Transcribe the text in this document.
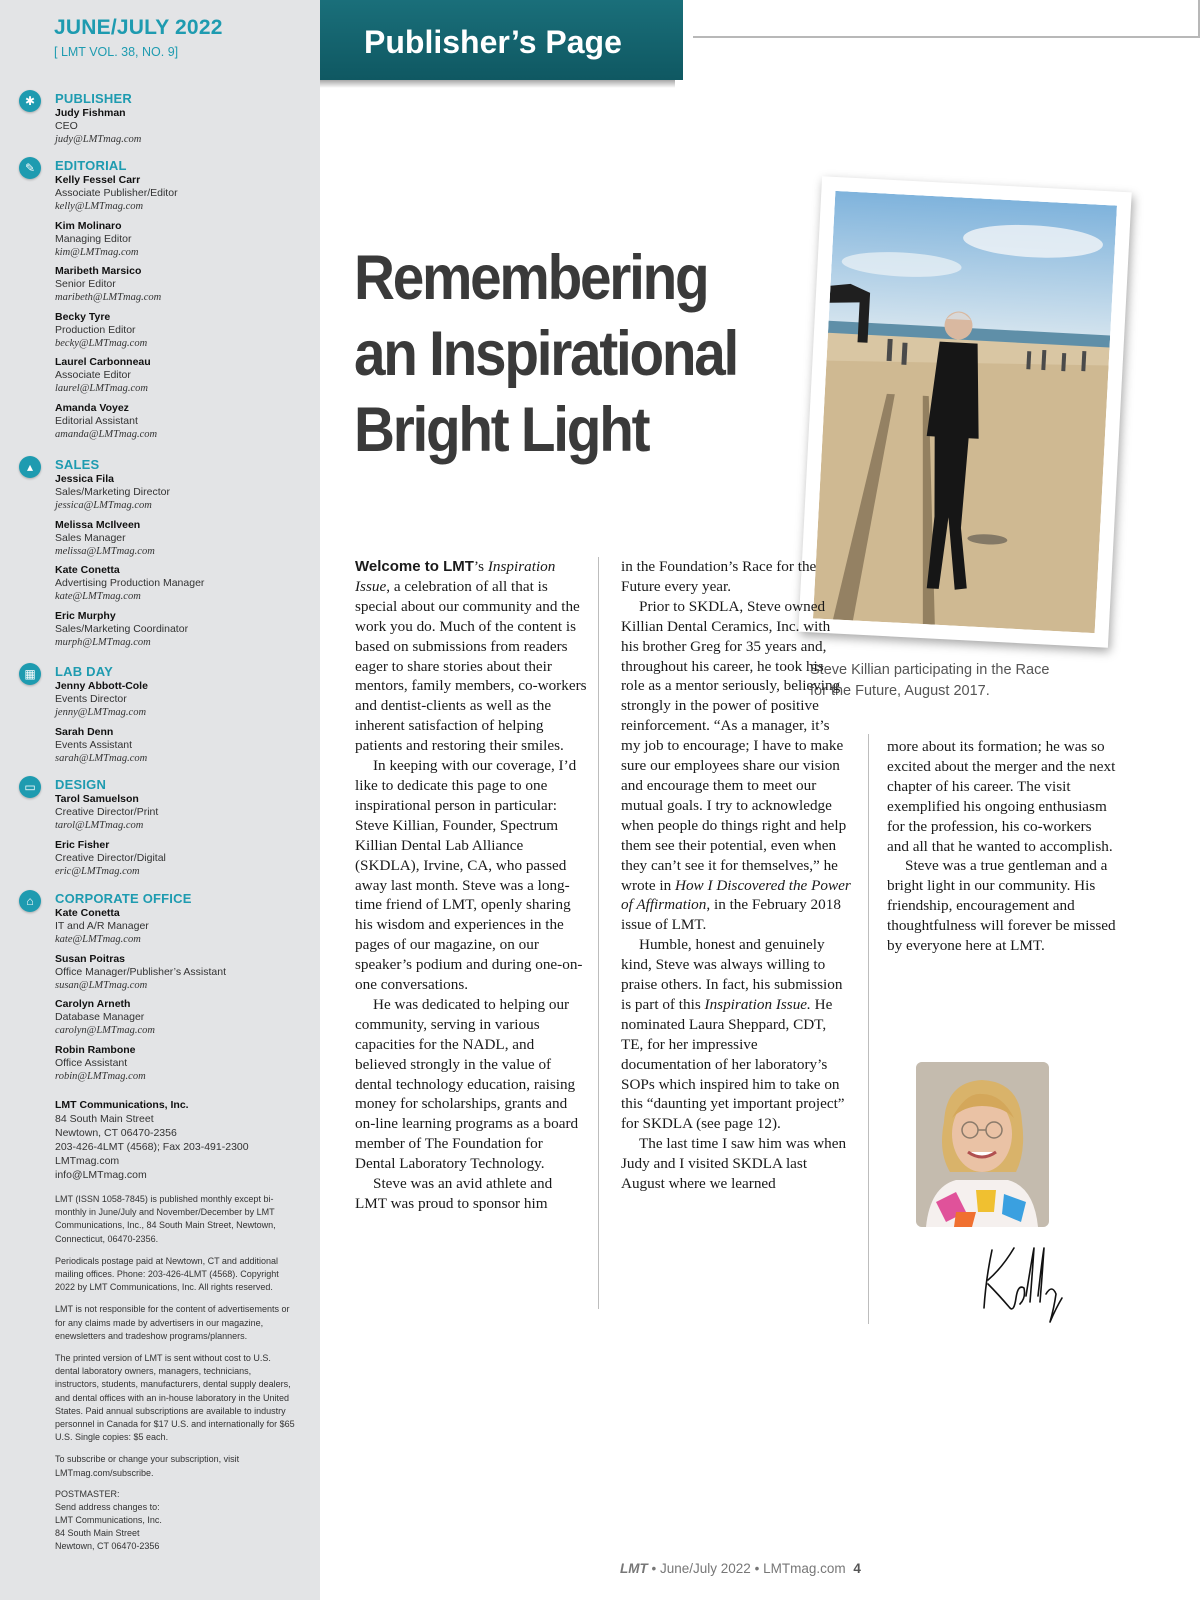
JUNE/JULY 2022
[ LMT VOL. 38, NO. 9]
✱	PUBLISHER
Judy Fishman
CEO
judy@LMTmag.com
✎	EDITORIAL
Kelly Fessel Carr
Associate Publisher/Editor
kelly@LMTmag.com
Kim Molinaro
Managing Editor
kim@LMTmag.com
Maribeth Marsico
Senior Editor
maribeth@LMTmag.com
Becky Tyre
Production Editor
becky@LMTmag.com
Laurel Carbonneau
Associate Editor
laurel@LMTmag.com
Amanda Voyez
Editorial Assistant
amanda@LMTmag.com
▴	SALES
Jessica Fila
Sales/Marketing Director
jessica@LMTmag.com
Melissa McIlveen
Sales Manager
melissa@LMTmag.com
Kate Conetta
Advertising Production Manager
kate@LMTmag.com
Eric Murphy
Sales/Marketing Coordinator
murph@LMTmag.com
▦	LAB DAY
Jenny Abbott-Cole
Events Director
jenny@LMTmag.com
Sarah Denn
Events Assistant
sarah@LMTmag.com
▭	DESIGN
Tarol Samuelson
Creative Director/Print
tarol@LMTmag.com
Eric Fisher
Creative Director/Digital
eric@LMTmag.com
⌂	CORPORATE OFFICE
Kate Conetta
IT and A/R Manager
kate@LMTmag.com
Susan Poitras
Office Manager/Publisher’s Assistant
susan@LMTmag.com
Carolyn Arneth
Database Manager
carolyn@LMTmag.com
Robin Rambone
Office Assistant
robin@LMTmag.com
LMT Communications, Inc.
84 South Main Street
Newtown, CT 06470-2356
203-426-4LMT (4568); Fax 203-491-2300
LMTmag.com
info@LMTmag.com

LMT (ISSN 1058-7845) is published monthly except bi-monthly in June/July and November/December by LMT Communications, Inc., 84 South Main Street, Newtown, Connecticut, 06470-2356.

Periodicals postage paid at Newtown, CT and additional mailing offices. Phone: 203-426-4LMT (4568). Copyright 2022 by LMT Communications, Inc. All rights reserved.

LMT is not responsible for the content of advertisements or for any claims made by advertisers in our magazine, enewsletters and tradeshow programs/planners.

The printed version of LMT is sent without cost to U.S. dental laboratory owners, managers, technicians, instructors, students, manufacturers, dental supply dealers, and dental offices with an in-house laboratory in the United States. Paid annual subscriptions are available to industry personnel in Canada for $17 U.S. and internationally for $65 U.S. Single copies: $5 each.

To subscribe or change your subscription, visit LMTmag.com/subscribe.

POSTMASTER:
Send address changes to:
LMT Communications, Inc.
84 South Main Street
Newtown, CT 06470-2356
Publisher’s Page
Remembering
an Inspirational
Bright Light
Steve Killian participating in the Race for the Future, August 2017.

Welcome to LMT’s Inspiration Issue, a celebration of all that is special about our community and the work you do. Much of the content is based on submissions from readers eager to share stories about their mentors, family members, co-workers and dentist-clients as well as the inherent satisfaction of helping patients and restoring their smiles.

In keeping with our coverage, I’d like to dedicate this page to one inspirational person in particular: Steve Killian, Founder, Spectrum Killian Dental Lab Alliance (SKDLA), Irvine, CA, who passed away last month. Steve was a long-time friend of LMT, openly sharing his wisdom and experiences in the pages of our magazine, on our speaker’s podium and during one-on-one conversations.

He was dedicated to helping our community, serving in various capacities for the NADL, and believed strongly in the value of dental technology education, raising money for scholarships, grants and on-line learning programs as a board member of The Foundation for Dental Laboratory Technology.

Steve was an avid athlete and LMT was proud to sponsor him

in the Foundation’s Race for the Future every year.

Prior to SKDLA, Steve owned Killian Dental Ceramics, Inc. with his brother Greg for 35 years and, throughout his career, he took his role as a mentor seriously, believing strongly in the power of positive reinforcement. “As a manager, it’s my job to encourage; I have to make sure our employees share our vision and encourage them to meet our mutual goals. I try to acknowledge when people do things right and help them see their potential, even when they can’t see it for themselves,” he wrote in How I Discovered the Power of Affirmation, in the February 2018 issue of LMT.

Humble, honest and genuinely kind, Steve was always willing to praise others. In fact, his submission is part of this Inspiration Issue. He nominated Laura Sheppard, CDT, TE, for her impressive documentation of her laboratory’s SOPs which inspired him to take on this “daunting yet important project” for SKDLA (see page 12).

The last time I saw him was when Judy and I visited SKDLA last August where we learned

more about its formation; he was so excited about the merger and the next chapter of his career. The visit exemplified his ongoing enthusiasm for the profession, his co-workers and all that he wanted to accomplish.

Steve was a true gentleman and a bright light in our community. His friendship, encouragement and thoughtfulness will forever be missed by everyone here at LMT.

LMT • June/July 2022 • LMTmag.com 4
